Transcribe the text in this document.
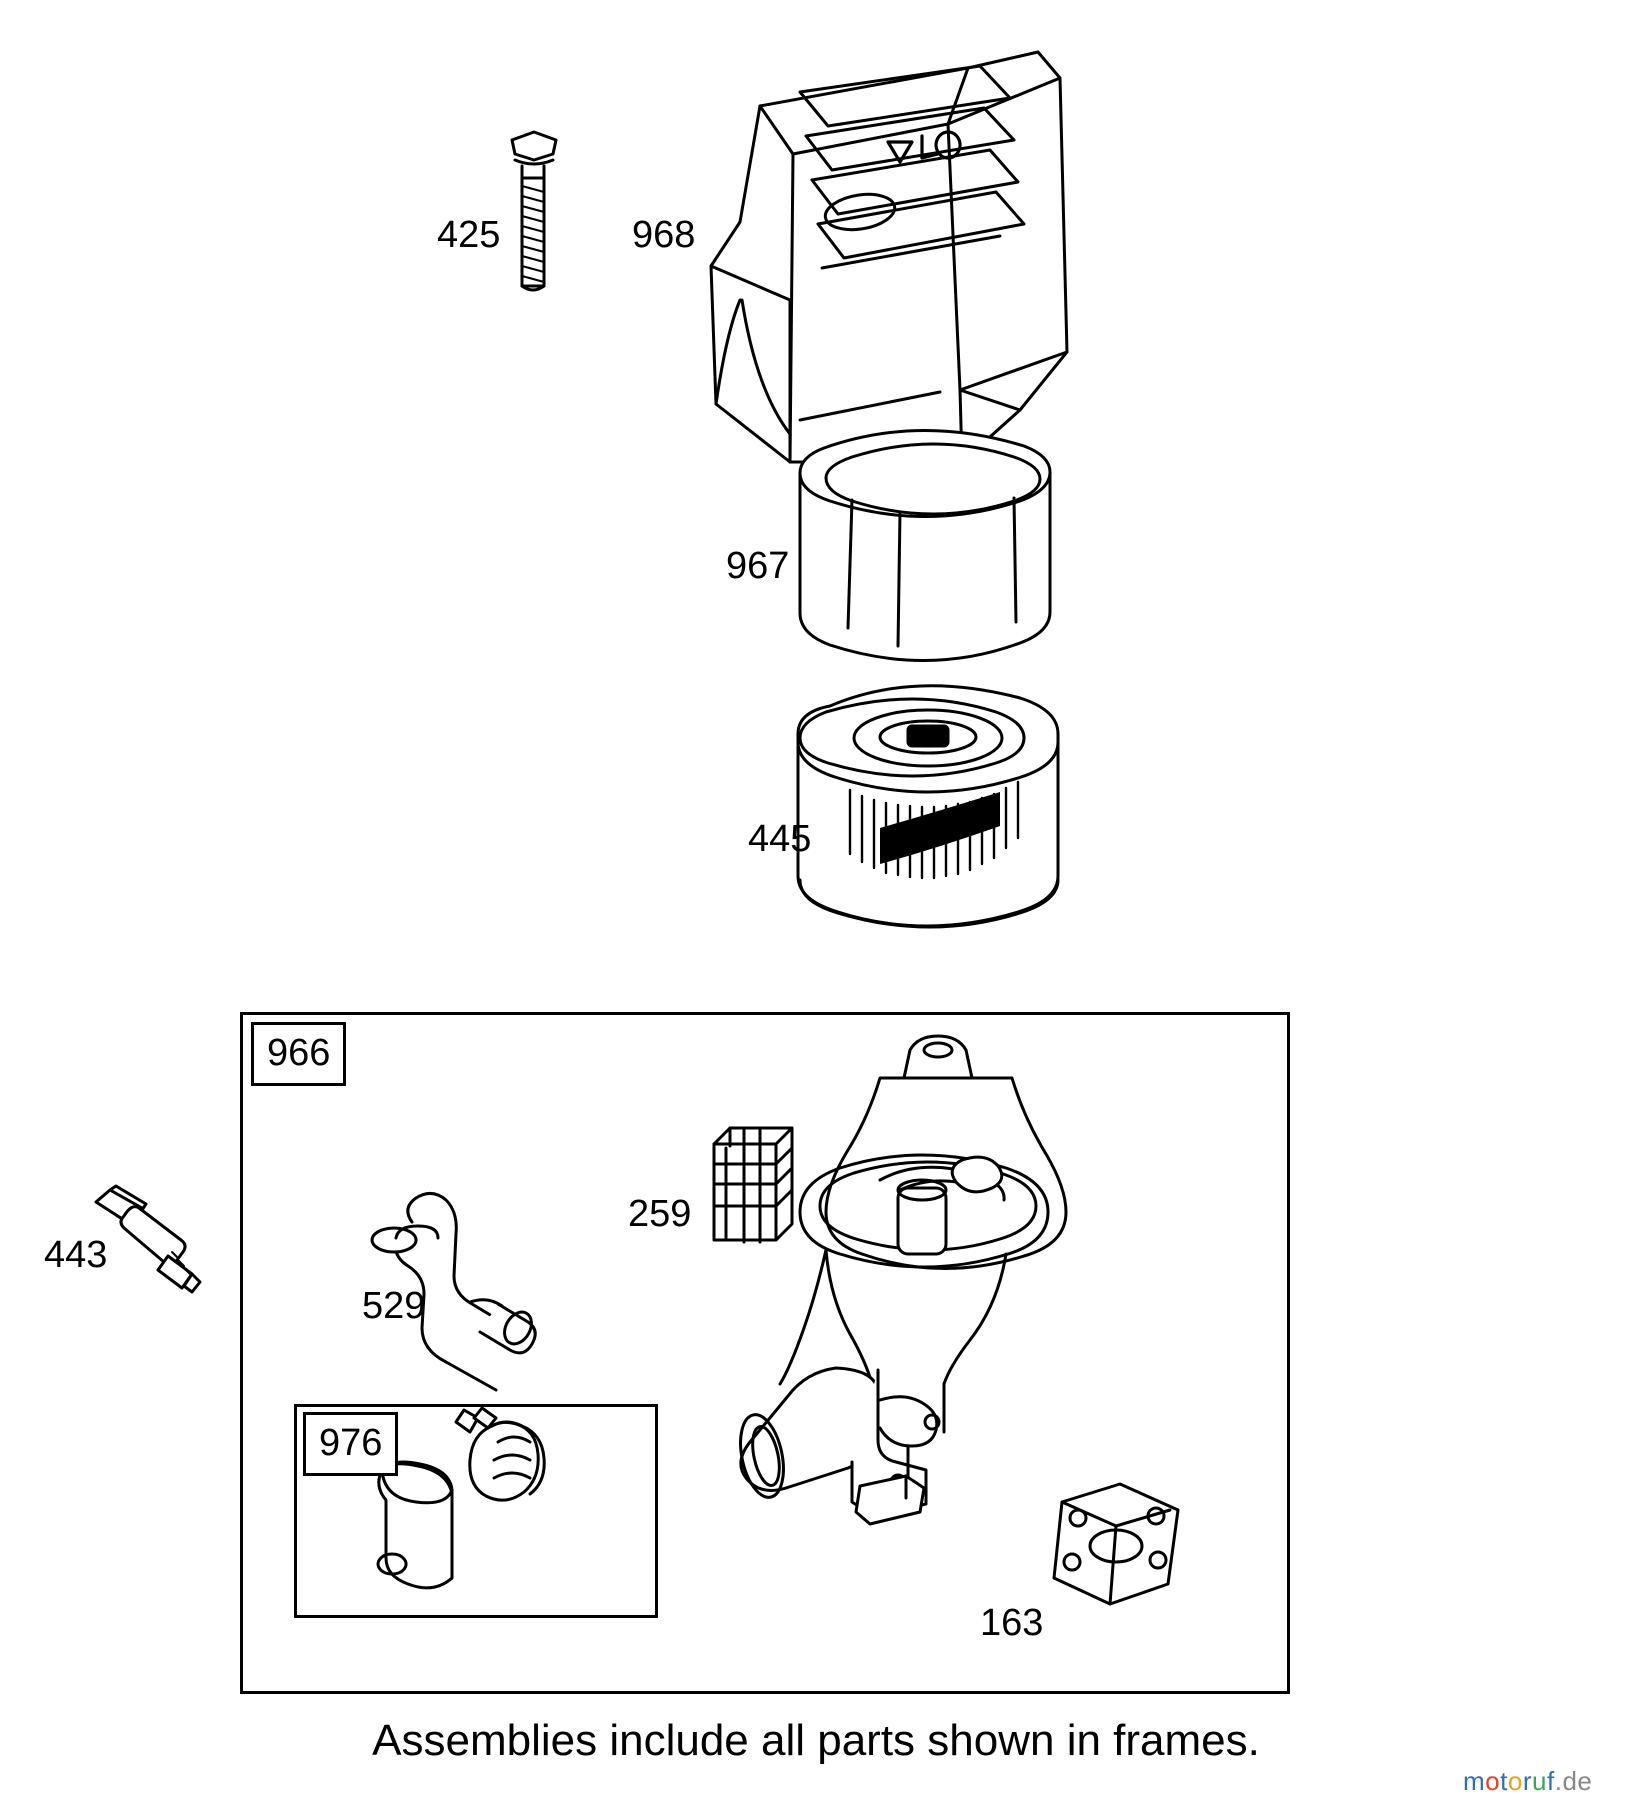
966
976
425	968
967
445
443
259
529
163
Assemblies include all parts shown in frames.
motoruf.de
